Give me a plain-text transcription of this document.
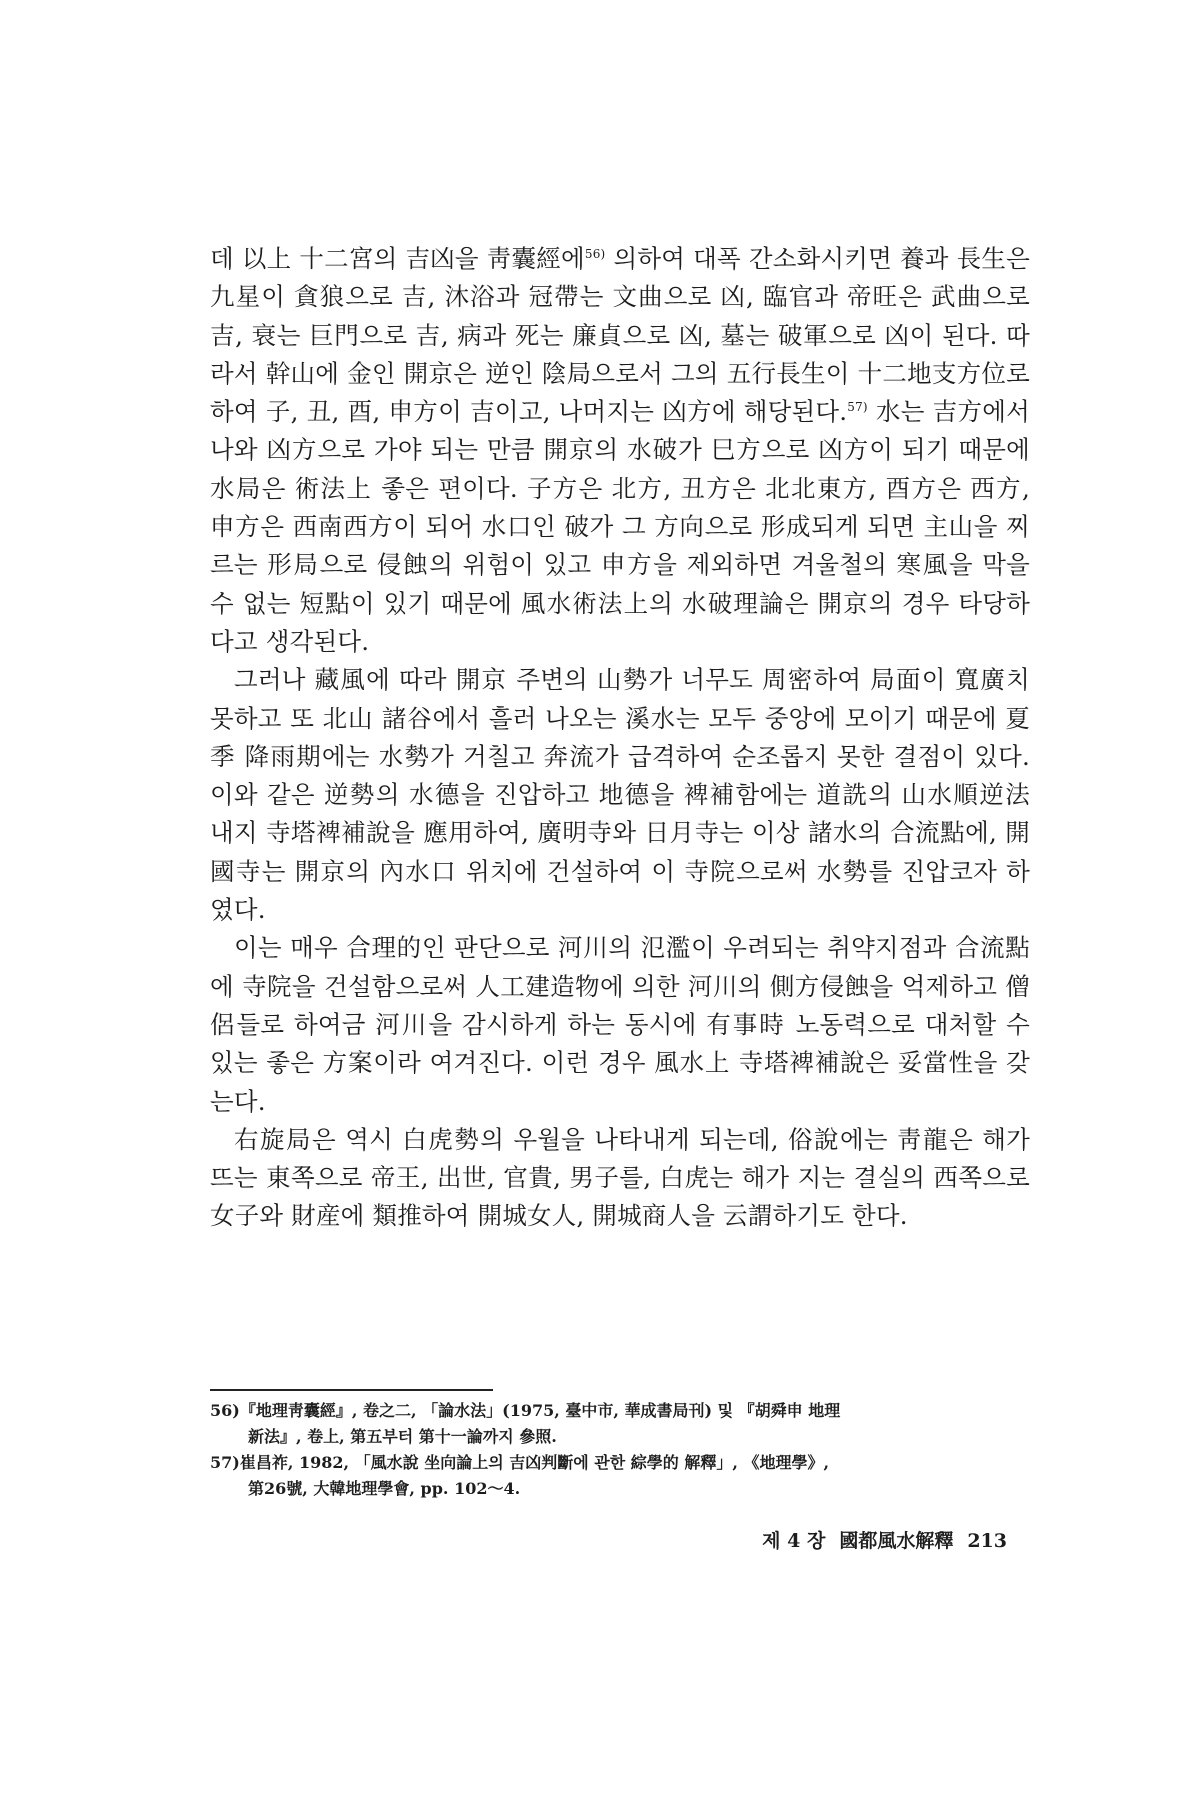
데 以上 十二宮의 吉凶을 靑囊經에$^{56)}$ 의하여 대폭 간소화시키면 養과 長生은 九星이 貪狼으로 吉, 沐浴과 冠帶는 文曲으로 凶, 臨官과 帝旺은 武曲으로 吉, 衰는 巨門으로 吉, 病과 死는 廉貞으로 凶, 墓는 破軍으로 凶이 된다. 따라서 幹山에 金인 開京은 逆인 陰局으로서 그의 五行長生이 十二地支方位로 하여 子, 丑, 酉, 申方이 吉이고, 나머지는 凶方에 해당된다.$^{57)}$ 水는 吉方에서 나와 凶方으로 가야 되는 만큼 開京의 水破가 巳方으로 凶方이 되기 때문에 水局은 術法上 좋은 편이다. 子方은 北方, 丑方은 北北東方, 酉方은 西方, 申方은 西南西方이 되어 水口인 破가 그 方向으로 形成되게 되면 主山을 찌르는 形局으로 侵蝕의 위험이 있고 申方을 제외하면 겨울철의 寒風을 막을 수 없는 短點이 있기 때문에 風水術法上의 水破理論은 開京의 경우 타당하다고 생각된다.

그러나 藏風에 따라 開京 주변의 山勢가 너무도 周密하여 局面이 寬廣치 못하고 또 北山 諸谷에서 흘러 나오는 溪水는 모두 중앙에 모이기 때문에 夏季 降雨期에는 水勢가 거칠고 奔流가 급격하여 순조롭지 못한 결점이 있다. 이와 같은 逆勢의 水德을 진압하고 地德을 裨補함에는 道詵의 山水順逆法 내지 寺塔裨補說을 應用하여, 廣明寺와 日月寺는 이상 諸水의 合流點에, 開國寺는 開京의 內水口 위치에 건설하여 이 寺院으로써 水勢를 진압코자 하였다.

이는 매우 合理的인 판단으로 河川의 氾濫이 우려되는 취약지점과 合流點에 寺院을 건설함으로써 人工建造物에 의한 河川의 側方侵蝕을 억제하고 僧侶들로 하여금 河川을 감시하게 하는 동시에 有事時 노동력으로 대처할 수 있는 좋은 方案이라 여겨진다. 이런 경우 風水上 寺塔裨補說은 妥當性을 갖는다.

右旋局은 역시 白虎勢의 우월을 나타내게 되는데, 俗說에는 靑龍은 해가 뜨는 東쪽으로 帝王, 出世, 官貴, 男子를, 白虎는 해가 지는 결실의 西쪽으로 女子와 財産에 類推하여 開城女人, 開城商人을 云謂하기도 한다.

56)『地理靑囊經』, 卷之二, 「論水法」(1975, 臺中市, 華成書局刊) 및 『胡舜申 地理
新法』, 卷上, 第五부터 第十一論까지 參照.

57)崔昌祚, 1982, 「風水說 坐向論上의 吉凶判斷에 관한 綜學的 解釋」, 《地理學》,
第26號, 大韓地理學會, pp. 102～4.

제 4 장 國都風水解釋 213
